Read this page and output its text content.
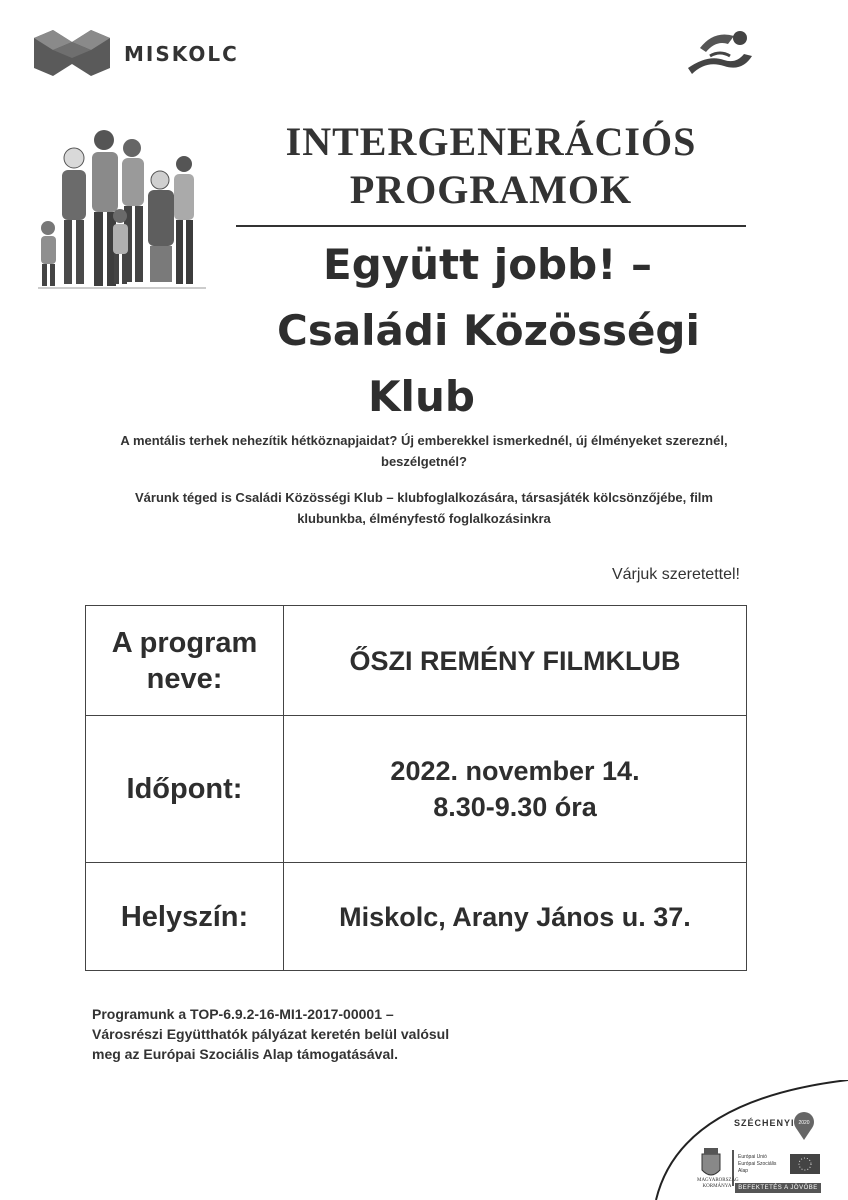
MISKOLC
INTERGENERÁCIÓS
PROGRAMOK
Együtt jobb! –
Családi Közösségi
Klub

A mentális terhek nehezítik hétköznapjaidat? Új emberekkel ismerkednél, új élményeket szereznél, beszélgetnél?

Várunk téged is Családi Közösségi Klub – klubfoglalkozására, társasjáték kölcsönzőjébe, film klubunkba, élményfestő foglalkozásinkra

Várjuk szeretettel!
A program
neve:	ŐSZI REMÉNY FILMKLUB

Időpont:	2022. november 14.
8.30-9.30 óra

Helyszín:	Miskolc, Arany János u. 37.
Programunk a TOP-6.9.2-16-MI1-2017-00001 –
Városrészi Együtthatók pályázat keretén belül valósul
meg az Európai Szociális Alap támogatásával.
2020
SZÉCHENYI
MAGYARORSZÁG
KORMÁNYA
Európai Unió
Európai Szociális
Alap
BEFEKTETÉS A JÖVŐBE
